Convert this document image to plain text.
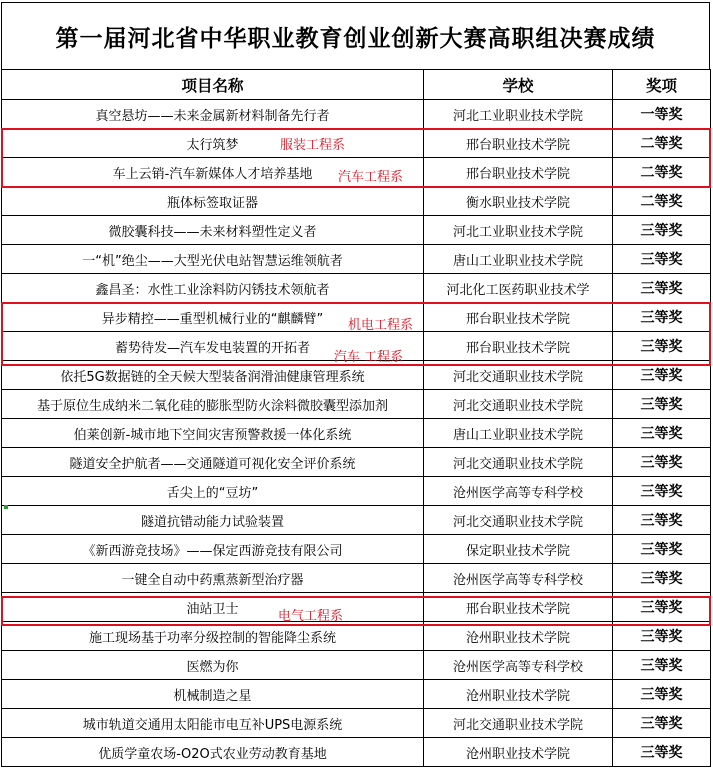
第一届河北省中华职业教育创业创新大赛高职组决赛成绩
项目名称	学校	奖项
真空悬坊——未来金属新材料制备先行者	河北工业职业技术学院	一等奖
太行筑梦	邢台职业技术学院	二等奖
车上云销-汽车新媒体人才培养基地	邢台职业技术学院	二等奖
瓶体标签取证器	衡水职业技术学院	二等奖
微胶囊科技——未来材料塑性定义者	河北工业职业技术学院	三等奖
一“机”绝尘——大型光伏电站智慧运维领航者	唐山工业职业技术学院	三等奖
鑫昌圣：水性工业涂料防闪锈技术领航者	河北化工医药职业技术学	三等奖
异步精控——重型机械行业的“麒麟臂”	邢台职业技术学院	三等奖
蓄势待发—汽车发电装置的开拓者	邢台职业技术学院	三等奖
依托5G数据链的全天候大型装备润滑油健康管理系统	河北交通职业技术学院	三等奖
基于原位生成纳米二氧化硅的膨胀型防火涂料微胶囊型添加剂	河北交通职业技术学院	三等奖
伯莱创新-城市地下空间灾害预警救援一体化系统	唐山工业职业技术学院	三等奖
隧道安全护航者——交通隧道可视化安全评价系统	河北交通职业技术学院	三等奖
舌尖上的“豆坊”	沧州医学高等专科学校	三等奖
隧道抗错动能力试验装置	河北交通职业技术学院	三等奖
《新西游竞技场》——保定西游竞技有限公司	保定职业技术学院	三等奖
一键全自动中药熏蒸新型治疗器	沧州医学高等专科学校	三等奖
油站卫士	邢台职业技术学院	三等奖
施工现场基于功率分级控制的智能降尘系统	沧州职业技术学院	三等奖
医燃为你	沧州医学高等专科学校	三等奖
机械制造之星	沧州职业技术学院	三等奖
城市轨道交通用太阳能市电互补UPS电源系统	河北交通职业技术学院	三等奖
优质学童农场-O2O式农业劳动教育基地	沧州职业技术学院	三等奖
服装工程系
汽车工程系
机电工程系
汽车 工程系
电气工程系
